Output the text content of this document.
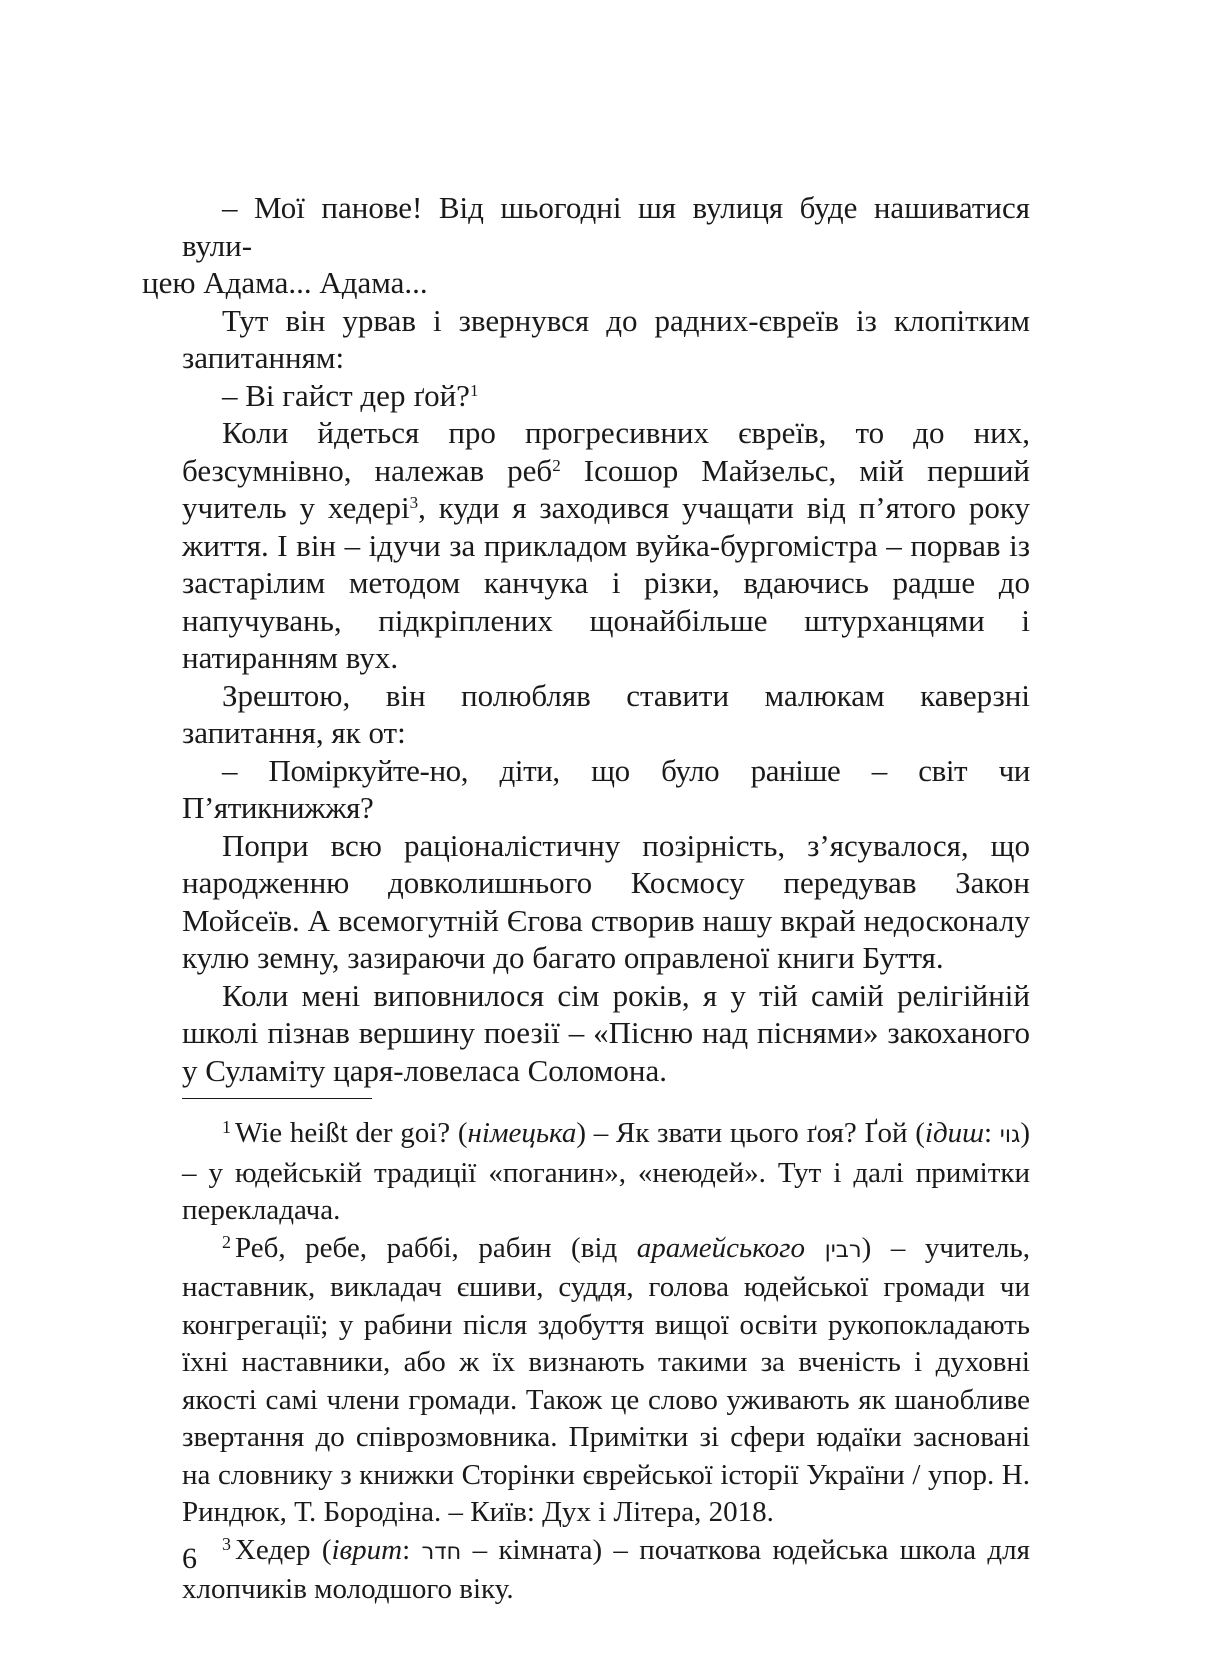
– Мої панове! Від шьогодні шя вулиця буде нашиватися вули-
цею Адама... Адама...

Тут він урвав і звернувся до радних-євреїв із клопітким запитанням:

– Ві гайст дер ґой?$^1$

Коли йдеться про прогресивних євреїв, то до них, безсумнівно, належав реб$^2$ Ісошор Майзельс, мій перший учитель у хедері$^3$, куди я заходився учащати від п’ятого року життя. І він – ідучи за прикладом вуйка-бургомістра – порвав із застарілим методом канчука і різки, вдаючись радше до напучувань, підкріплених щонайбільше штурханцями і натиранням вух.

Зрештою, він полюбляв ставити малюкам каверзні запитання, як от:

– Поміркуйте-но, діти, що було раніше – світ чи П’ятикнижжя?

Попри всю раціоналістичну позірність, з’ясувалося, що народженню довколишнього Космосу передував Закон Мойсеїв. А всемогутній Єгова створив нашу вкрай недосконалу кулю земну, зазираючи до багато оправленої книги Буття.

Коли мені виповнилося сім років, я у тій самій релігійній школі пізнав вершину поезії – «Пісню над піснями» закоханого у Суламіту царя-ловеласа Соломона.

$^1$ Wie heißt der goi? (німецька) – Як звати цього ґоя? Ґой (ідиш: גוי) – у юдейській традиції «поганин», «неюдей». Тут і далі примітки перекладача.

$^2$ Реб, ребе, раббі, рабин (від арамейського רבין) – учитель, наставник, викладач єшиви, суддя, голова юдейської громади чи конгрегації; у рабини після здобуття вищої освіти рукопокладають їхні наставники, або ж їх визнають такими за вченість і духовні якості самі члени громади. Також це слово уживають як шанобливе звертання до співрозмовника. Примітки зі сфери юдаїки засновані на словнику з книжки Сторінки єврейської історії України / упор. Н. Риндюк, Т. Бородіна. – Київ: Дух і Літера, 2018.

$^3$ Хедер (іврит: חדר – кімната) – початкова юдейська школа для хлопчиків молодшого віку.

6
